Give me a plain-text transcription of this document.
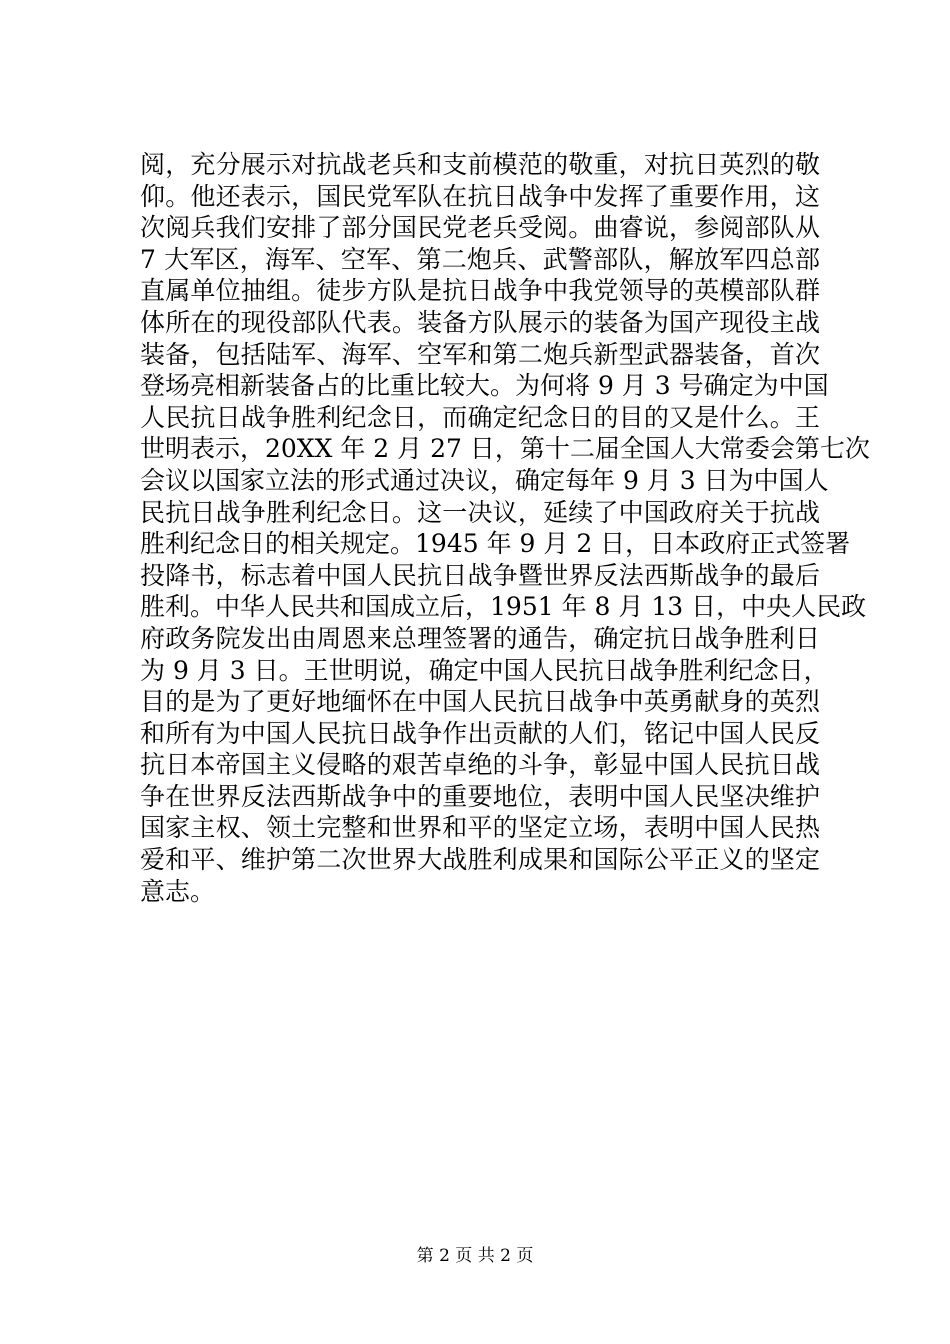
阅，充分展示对抗战老兵和支前模范的敬重，对抗日英烈的敬
仰。他还表示，国民党军队在抗日战争中发挥了重要作用，这
次阅兵我们安排了部分国民党老兵受阅。曲睿说，参阅部队从
7 大军区，海军、空军、第二炮兵、武警部队，解放军四总部
直属单位抽组。徒步方队是抗日战争中我党领导的英模部队群
体所在的现役部队代表。装备方队展示的装备为国产现役主战
装备，包括陆军、海军、空军和第二炮兵新型武器装备，首次
登场亮相新装备占的比重比较大。为何将 9 月 3 号确定为中国
人民抗日战争胜利纪念日，而确定纪念日的目的又是什么。王
世明表示，20XX 年 2 月 27 日，第十二届全国人大常委会第七次
会议以国家立法的形式通过决议，确定每年 9 月 3 日为中国人
民抗日战争胜利纪念日。这一决议，延续了中国政府关于抗战
胜利纪念日的相关规定。1945 年 9 月 2 日，日本政府正式签署
投降书，标志着中国人民抗日战争暨世界反法西斯战争的最后
胜利。中华人民共和国成立后，1951 年 8 月 13 日，中央人民政
府政务院发出由周恩来总理签署的通告，确定抗日战争胜利日
为 9 月 3 日。王世明说，确定中国人民抗日战争胜利纪念日，
目的是为了更好地缅怀在中国人民抗日战争中英勇献身的英烈
和所有为中国人民抗日战争作出贡献的人们，铭记中国人民反
抗日本帝国主义侵略的艰苦卓绝的斗争，彰显中国人民抗日战
争在世界反法西斯战争中的重要地位，表明中国人民坚决维护
国家主权、领土完整和世界和平的坚定立场，表明中国人民热
爱和平、维护第二次世界大战胜利成果和国际公平正义的坚定
意志。
第 2 页 共 2 页
